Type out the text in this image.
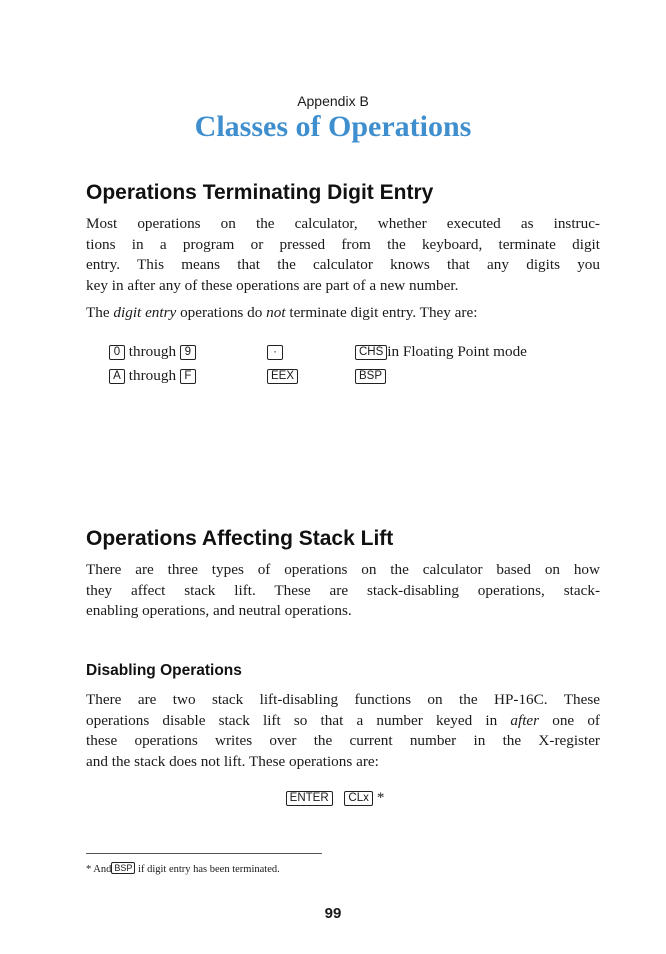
Appendix B
Classes of Operations
Operations Terminating Digit Entry
Most operations on the calculator, whether executed as instruc-
tions in a program or pressed from the keyboard, terminate digit
entry. This means that the calculator knows that any digits you
key in after any of these operations are part of a new number.
The digit entry operations do not terminate digit entry. They are:
0 through 9	·	CHS in Floating Point mode
A through F	EEX	BSP
Operations Affecting Stack Lift
There are three types of operations on the calculator based on how
they affect stack lift. These are stack-disabling operations, stack-
enabling operations, and neutral operations.
Disabling Operations
There are two stack lift-disabling functions on the HP-16C. These
operations disable stack lift so that a number keyed in after one of
these operations writes over the current number in the X-register
and the stack does not lift. These operations are:
ENTER CLx *
* And BSP if digit entry has been terminated.
99
